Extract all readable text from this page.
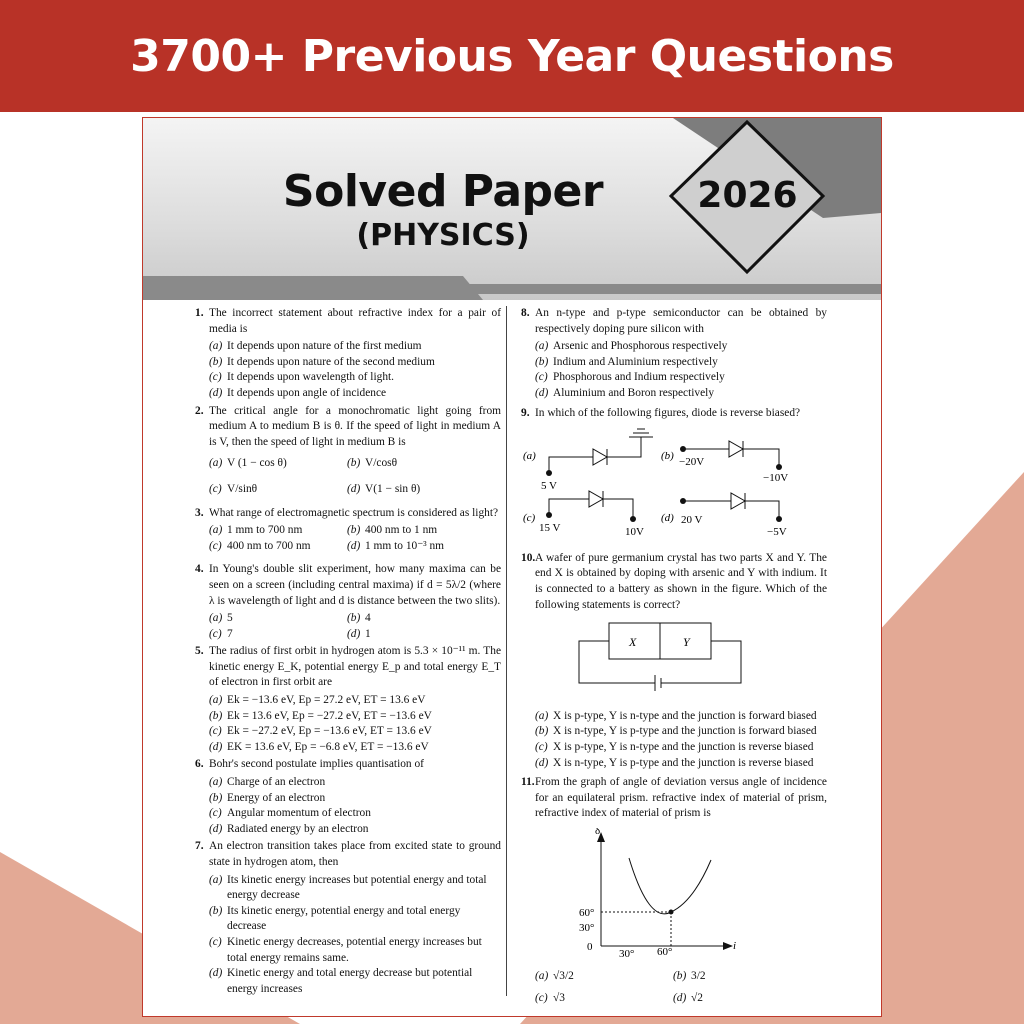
3700+ Previous Year Questions
Solved Paper
(PHYSICS)
2026
1. The incorrect statement about refractive index for a pair of media is
(a) It depends upon nature of the first medium
(b) It depends upon nature of the second medium
(c) It depends upon wavelength of light.
(d) It depends upon angle of incidence
2. The critical angle for a monochromatic light going from medium A to medium B is θ. If the speed of light in medium A is V, then the speed of light in medium B is
(a) V (1 − cos θ)	(b) V/cosθ
(c) V/sinθ	(d) V(1 − sin θ)
3. What range of electromagnetic spectrum is considered as light?
(a) 1 mm to 700 nm	(b) 400 nm to 1 nm
(c) 400 nm to 700 nm	(d) 1 mm to 10⁻³ nm
4. In Young's double slit experiment, how many maxima can be seen on a screen (including central maxima) if d = 5λ/2 (where λ is wavelength of light and d is distance between the two slits).
(a) 5	(b) 4
(c) 7	(d) 1
5. The radius of first orbit in hydrogen atom is 5.3 × 10⁻¹¹ m. The kinetic energy E_K, potential energy E_p and total energy E_T of electron in first orbit are
(a) Ek = −13.6 eV, Ep = 27.2 eV, ET = 13.6 eV
(b) Ek = 13.6 eV, Ep = −27.2 eV, ET = −13.6 eV
(c) Ek = −27.2 eV, Ep = −13.6 eV, ET = 13.6 eV
(d) EK = 13.6 eV, Ep = −6.8 eV, ET = −13.6 eV
6. Bohr's second postulate implies quantisation of
(a) Charge of an electron
(b) Energy of an electron
(c) Angular momentum of electron
(d) Radiated energy by an electron
7. An electron transition takes place from excited state to ground state in hydrogen atom, then
(a) Its kinetic energy increases but potential energy and total energy decrease
(b) Its kinetic energy, potential energy and total energy decrease
(c) Kinetic energy decreases, potential energy increases but total energy remains same.
(d) Kinetic energy and total energy decrease but potential energy increases
8. An n-type and p-type semiconductor can be obtained by respectively doping pure silicon with
(a) Arsenic and Phosphorous respectively
(b) Indium and Aluminium respectively
(c) Phosphorous and Indium respectively
(d) Aluminium and Boron respectively
9. In which of the following figures, diode is reverse biased?
(a)
5 V
(b) −20V
−10V
(c)
15 V	10V
(d) 20 V
−5V
10. A wafer of pure germanium crystal has two parts X and Y. The end X is obtained by doping with arsenic and Y with indium. It is connected to a battery as shown in the figure. Which of the following statements is correct?
X	Y
(a) X is p-type, Y is n-type and the junction is forward biased
(b) X is n-type, Y is p-type and the junction is forward biased
(c) X is p-type, Y is n-type and the junction is reverse biased
(d) X is n-type, Y is p-type and the junction is reverse biased
11. From the graph of angle of deviation versus angle of incidence for an equilateral prism. refractive index of material of prism, refractive index of material of prism is
δ
60°
30°
0
30° 60°	i
(a) √3/2	(b) 3/2
(c) √3	(d) √2
